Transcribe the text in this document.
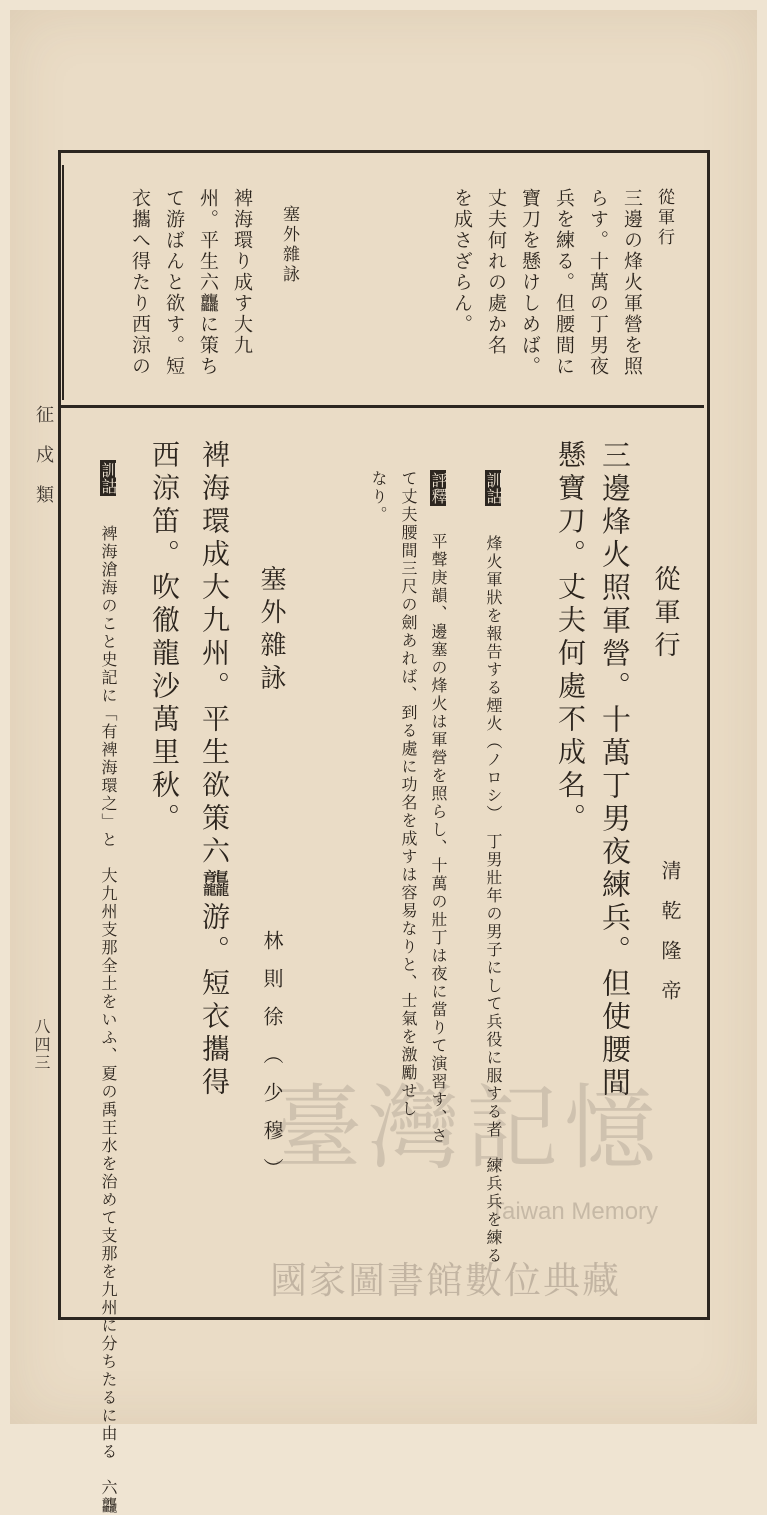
征戍類
八四三
從軍行
三邊の烽火軍營を照
らす。十萬の丁男夜
兵を練る。但腰間に
寶刀を懸けしめば。
丈夫何れの處か名
を成さざらん。
塞外雜詠
裨海環り成す大九
州。平生六龘に策ち
て游ばんと欲す。短
衣攜へ得たり西涼の
從軍行
清乾隆帝
三邊烽火照軍營。十萬丁男夜練兵。但使腰間
懸寶刀。丈夫何處不成名。
訓詁 烽火軍狀を報告する煙火（ノロシ）　丁男壯年の男子にして兵役に服する者　練兵兵を練る
評釋 平聲庚韻、邊塞の烽火は軍營を照らし、十萬の壯丁は夜に當りて演習す、さ
て丈夫腰間三尺の劍あれば、到る處に功名を成すは容易なりと、士氣を激勵せし
なり。
塞外雜詠
林則徐（少穆）
裨海環成大九州。平生欲策六龘游。短衣攜得
西涼笛。吹徹龍沙萬里秋。
訓詁 裨海滄海のこと史記に「有裨海環之」と　大九州支那全土をいふ、夏の禹王水を治めて支那を九州に分ちたるに由る　六龘 臺灣記憶
Taiwan Memory
國家圖書館數位典藏
